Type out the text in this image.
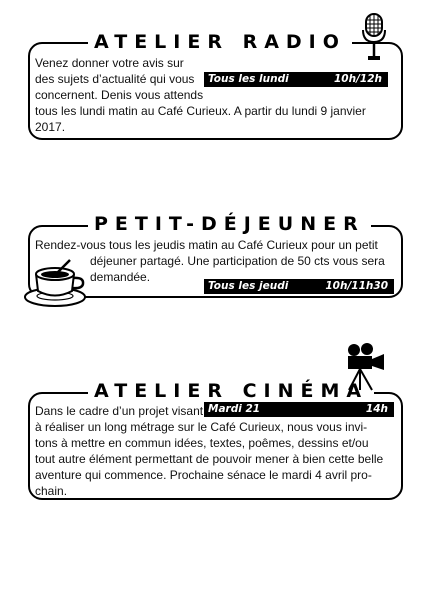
ATELIER RADIO
Venez donner votre avis sur
des sujets d’actualité qui vous
concernent. Denis vous attends
tous les lundi matin au Café Curieux. A partir du lundi 9 janvier
2017.
Tous les lundi	10h/12h
PETIT-DÉJEUNER
Rendez-vous tous les jeudis matin au Café Curieux pour un petit
déjeuner partagé. Une participation de 50 cts vous sera
demandée.
Tous les jeudi	10h/11h30
ATELIER CINÉMA
Dans le cadre d’un projet visant
à réaliser un long métrage sur le Café Curieux, nous vous invi-
tons à mettre en commun idées, textes, poêmes, dessins et/ou
tout autre élément permettant de pouvoir mener à bien cette belle
aventure qui commence. Prochaine sénace le mardi 4 avril pro-
chain.
Mardi 21	14h
